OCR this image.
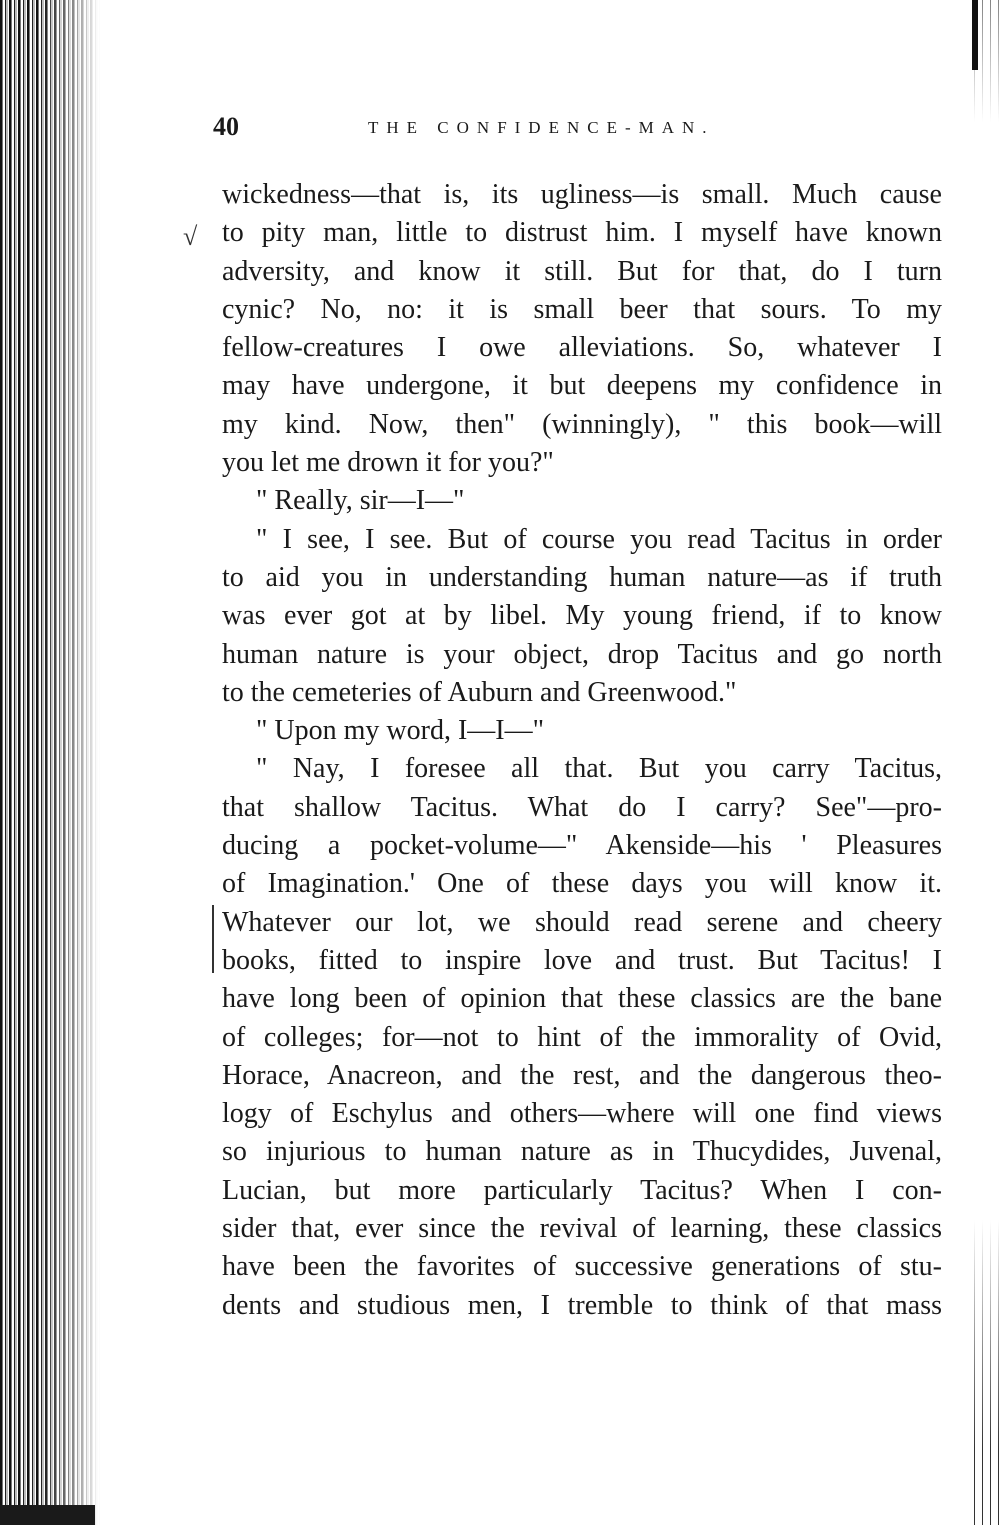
40	THE CONFIDENCE-MAN.
√
wickedness—that is, its ugliness—is small. Much cause
to pity man, little to distrust him. I myself have known
adversity, and know it still. But for that, do I turn
cynic? No, no: it is small beer that sours. To my
fellow-creatures I owe alleviations. So, whatever I
may have undergone, it but deepens my confidence in
my kind. Now, then" (winningly), " this book—will
you let me drown it for you?"
" Really, sir—I—"
" I see, I see. But of course you read Tacitus in order
to aid you in understanding human nature—as if truth
was ever got at by libel. My young friend, if to know
human nature is your object, drop Tacitus and go north
to the cemeteries of Auburn and Greenwood."
" Upon my word, I—I—"
" Nay, I foresee all that. But you carry Tacitus,
that shallow Tacitus. What do I carry? See"—pro-
ducing a pocket-volume—" Akenside—his ' Pleasures
of Imagination.' One of these days you will know it.
Whatever our lot, we should read serene and cheery
books, fitted to inspire love and trust. But Tacitus! I
have long been of opinion that these classics are the bane
of colleges; for—not to hint of the immorality of Ovid,
Horace, Anacreon, and the rest, and the dangerous theo-
logy of Eschylus and others—where will one find views
so injurious to human nature as in Thucydides, Juvenal,
Lucian, but more particularly Tacitus? When I con-
sider that, ever since the revival of learning, these classics
have been the favorites of successive generations of stu-
dents and studious men, I tremble to think of that mass
